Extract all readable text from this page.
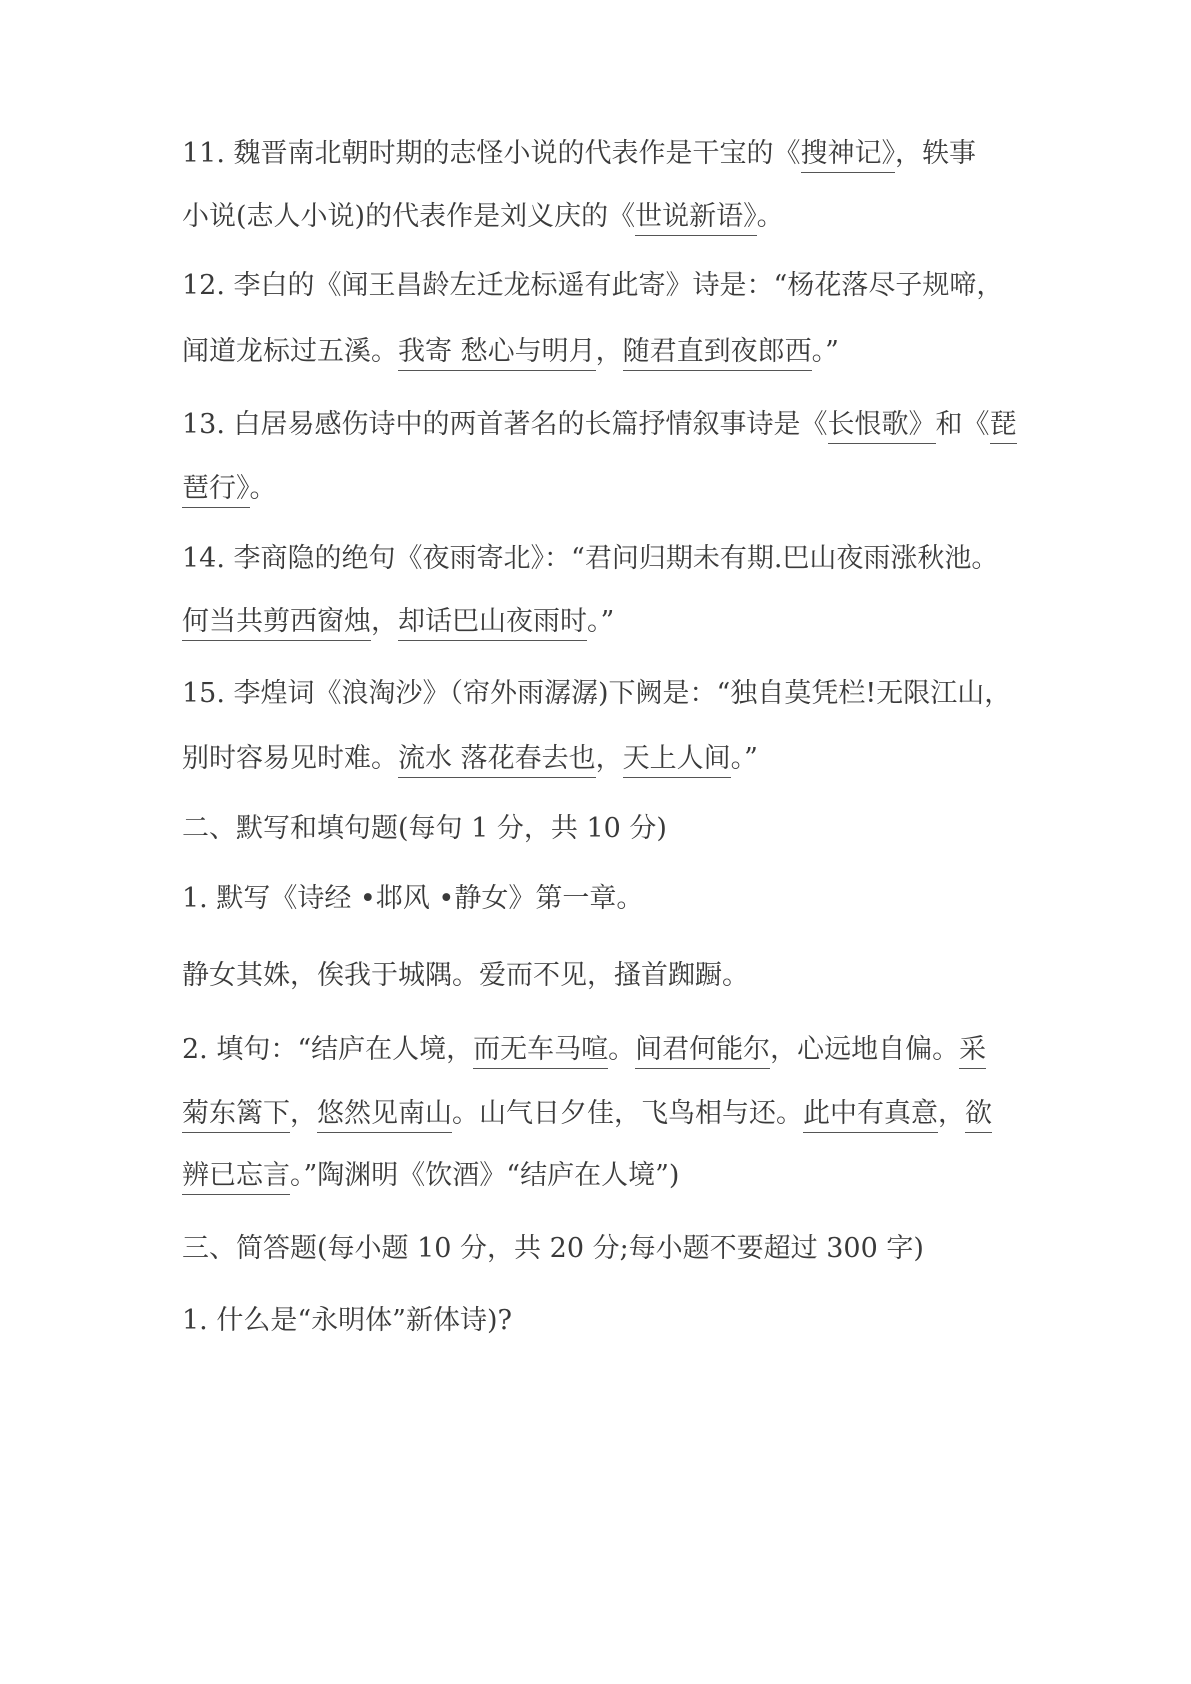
11. 魏晋南北朝时期的志怪小说的代表作是干宝的《搜神记》，轶事
小说(志人小说)的代表作是刘义庆的《世说新语》。
12. 李白的《闻王昌龄左迁龙标遥有此寄》诗是：“杨花落尽子规啼，
闻道龙标过五溪。我寄 愁心与明月，随君直到夜郎西。”
13. 白居易感伤诗中的两首著名的长篇抒情叙事诗是《长恨歌》和《琵
琶行》。
14. 李商隐的绝句《夜雨寄北》：“君问归期未有期.巴山夜雨涨秋池。
何当共剪西窗烛，却话巴山夜雨时。”
15. 李煌词《浪淘沙》（帘外雨潺潺)下阙是：“独自莫凭栏!无限江山，
别时容易见时难。流水 落花春去也，天上人间。”
二、默写和填句题(每句 1 分，共 10 分)
1. 默写《诗经 •邶风 •静女》第一章。
静女其姝，俟我于城隅。爱而不见，搔首踟蹰。
2. 填句：“结庐在人境，而无车马喧。间君何能尔，心远地自偏。采
菊东篱下，悠然见南山。山气日夕佳，飞鸟相与还。此中有真意，欲
辨已忘言。”陶渊明《饮酒》“结庐在人境”)
三、简答题(每小题 10 分，共 20 分;每小题不要超过 300 字)
1. 什么是“永明体”新体诗)?
